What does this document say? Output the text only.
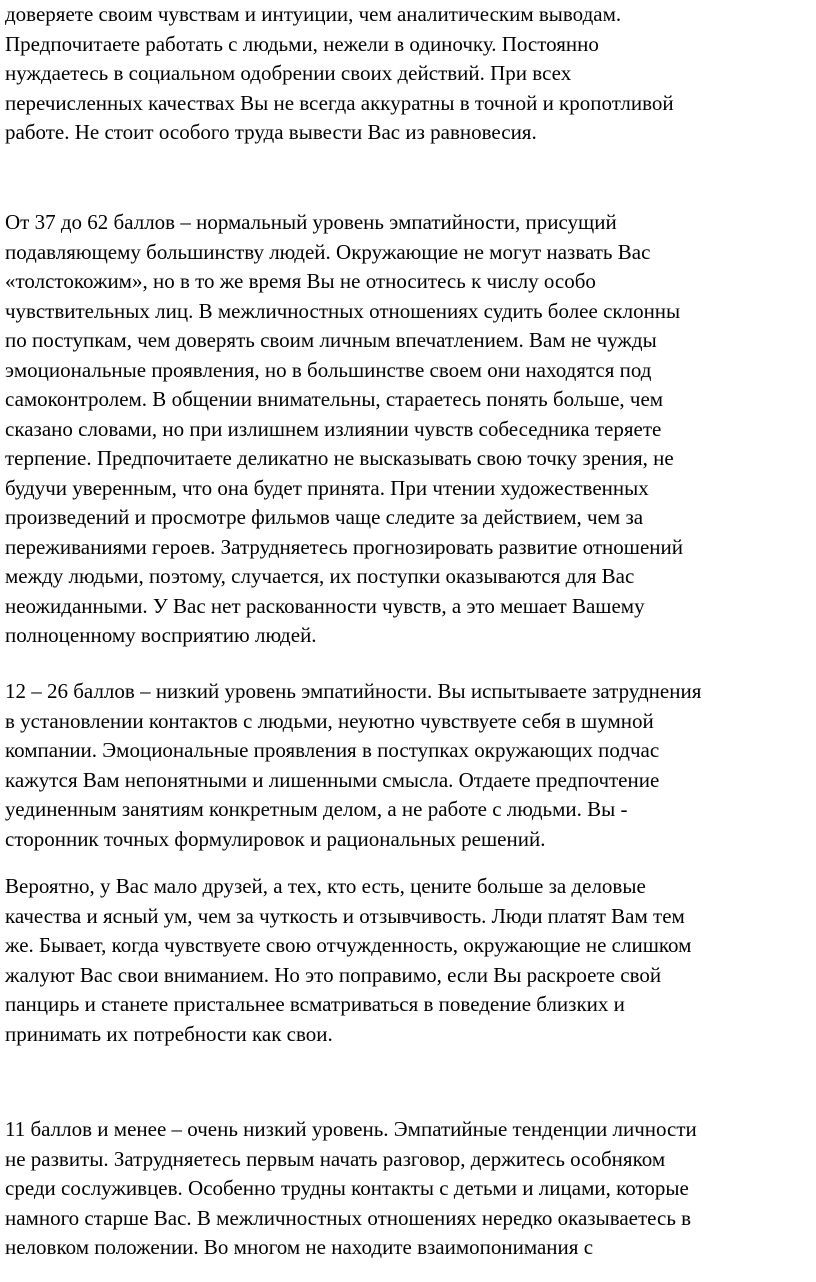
доверяете своим чувствам и интуиции, чем аналитическим выводам.
Предпочитаете работать с людьми, нежели в одиночку. Постоянно
нуждаетесь в социальном одобрении своих действий. При всех
перечисленных качествах Вы не всегда аккуратны в точной и кропотливой
работе. Не стоит особого труда вывести Вас из равновесия.
От 37 до 62 баллов – нормальный уровень эмпатийности, присущий
подавляющему большинству людей. Окружающие не могут назвать Вас
«толстокожим», но в то же время Вы не относитесь к числу особо
чувствительных лиц. В межличностных отношениях судить более склонны
по поступкам, чем доверять своим личным впечатлением. Вам не чужды
эмоциональные проявления, но в большинстве своем они находятся под
самоконтролем. В общении внимательны, стараетесь понять больше, чем
сказано словами, но при излишнем излиянии чувств собеседника теряете
терпение. Предпочитаете деликатно не высказывать свою точку зрения, не
будучи уверенным, что она будет принята. При чтении художественных
произведений и просмотре фильмов чаще следите за действием, чем за
переживаниями героев. Затрудняетесь прогнозировать развитие отношений
между людьми, поэтому, случается, их поступки оказываются для Вас
неожиданными. У Вас нет раскованности чувств, а это мешает Вашему
полноценному восприятию людей.
12 – 26 баллов – низкий уровень эмпатийности. Вы испытываете затруднения
в установлении контактов с людьми, неуютно чувствуете себя в шумной
компании. Эмоциональные проявления в поступках окружающих подчас
кажутся Вам непонятными и лишенными смысла. Отдаете предпочтение
уединенным занятиям конкретным делом, а не работе с людьми. Вы -
сторонник точных формулировок и рациональных решений.
Вероятно, у Вас мало друзей, а тех, кто есть, цените больше за деловые
качества и ясный ум, чем за чуткость и отзывчивость. Люди платят Вам тем
же. Бывает, когда чувствуете свою отчужденность, окружающие не слишком
жалуют Вас свои вниманием. Но это поправимо, если Вы раскроете свой
панцирь и станете пристальнее всматриваться в поведение близких и
принимать их потребности как свои.
11 баллов и менее – очень низкий уровень. Эмпатийные тенденции личности
не развиты. Затрудняетесь первым начать разговор, держитесь особняком
среди сослуживцев. Особенно трудны контакты с детьми и лицами, которые
намного старше Вас. В межличностных отношениях нередко оказываетесь в
неловком положении. Во многом не находите взаимопонимания с
